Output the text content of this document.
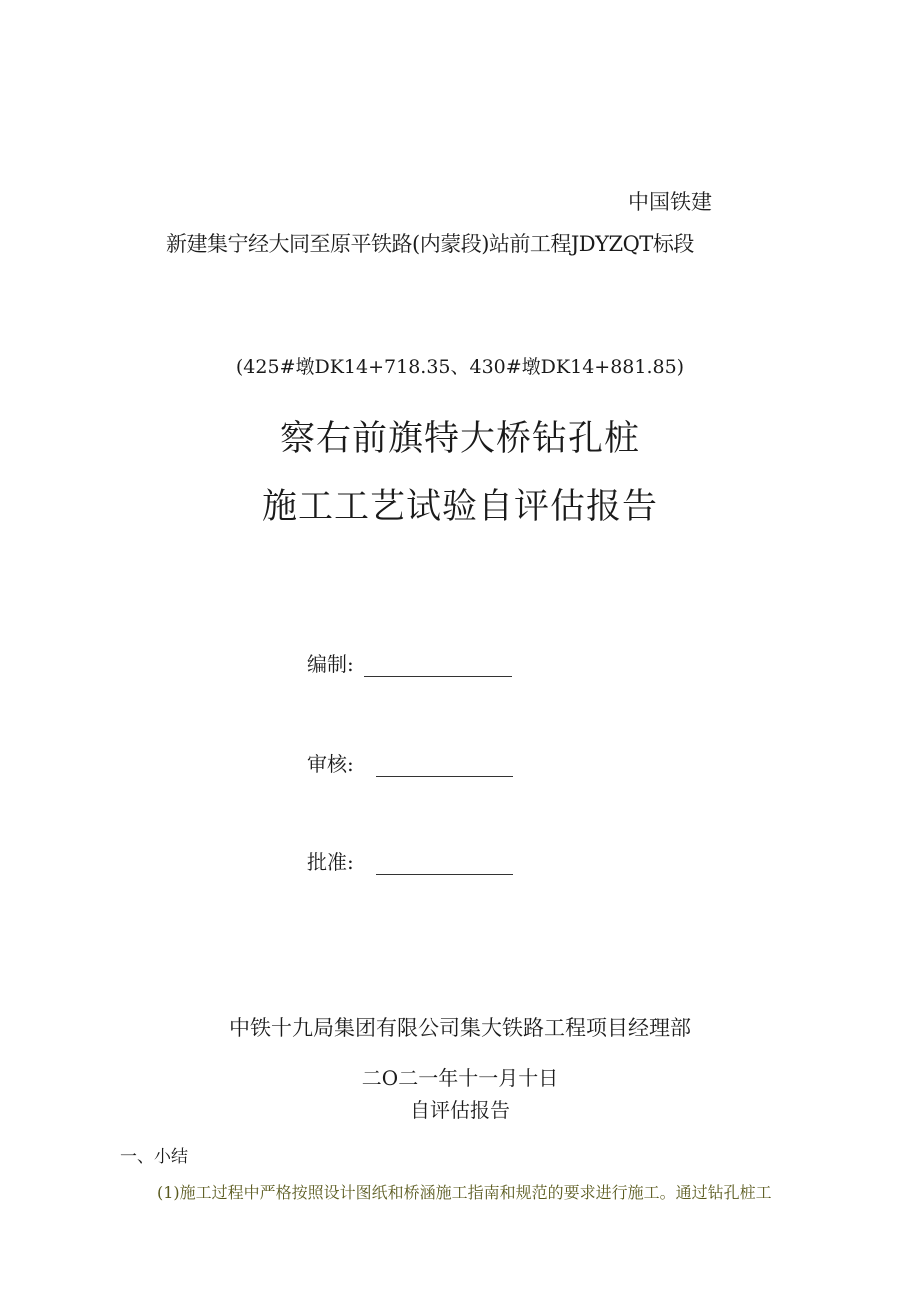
中国铁建
新建集宁经大同至原平铁路(内蒙段)站前工程JDYZQT标段
(425#墩DK14+718.35、430#墩DK14+881.85)
察右前旗特大桥钻孔桩
施工工艺试验自评估报告
编制:
审核:
批准:
中铁十九局集团有限公司集大铁路工程项目经理部
二O二一年十一月十日
自评估报告
一、小结
(1)施工过程中严格按照设计图纸和桥涵施工指南和规范的要求进行施工。通过钻孔桩工
